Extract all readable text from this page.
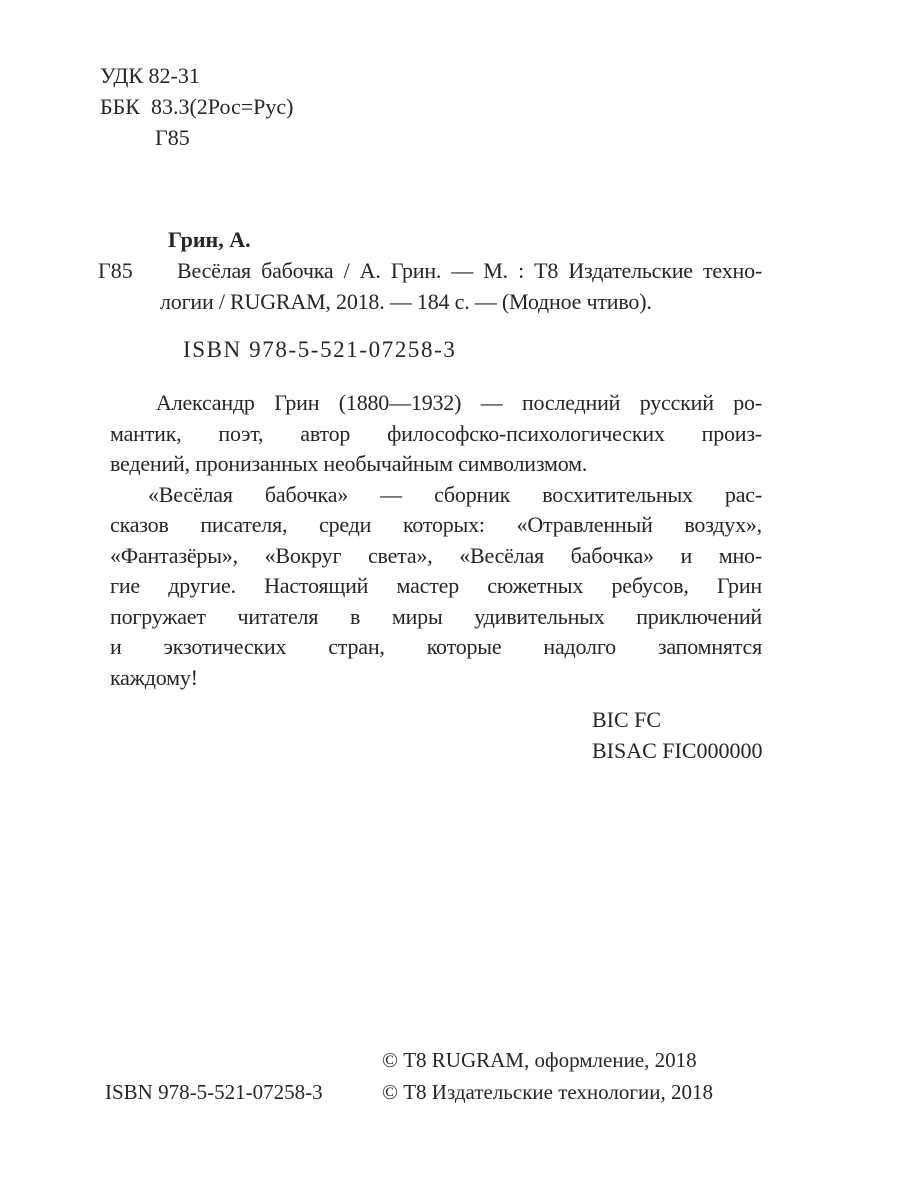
УДК 82-31
ББК  83.3(2Рос=Рус)
Г85
Г85
Грин, А.
Весёлая бабочка / А. Грин. — М. : Т8 Издательские техно-
логии / RUGRAM, 2018. — 184 с. — (Модное чтиво).
ISBN 978-5-521-07258-3
Александр Грин (1880—1932) — последний русский ро-
мантик, поэт, автор философско-психологических произ-
ведений, пронизанных необычайным символизмом.
«Весёлая бабочка» — сборник восхитительных рас-
сказов писателя, среди которых: «Отравленный воздух»,
«Фантазёры», «Вокруг света», «Весёлая бабочка» и мно-
гие другие. Настоящий мастер сюжетных ребусов, Грин
погружает читателя в миры удивительных приключений
и экзотических стран, которые надолго запомнятся
каждому!
BIC FC
BISAC FIC000000
© Т8 RUGRAM, оформление, 2018
ISBN 978-5-521-07258-3	© Т8 Издательские технологии, 2018
